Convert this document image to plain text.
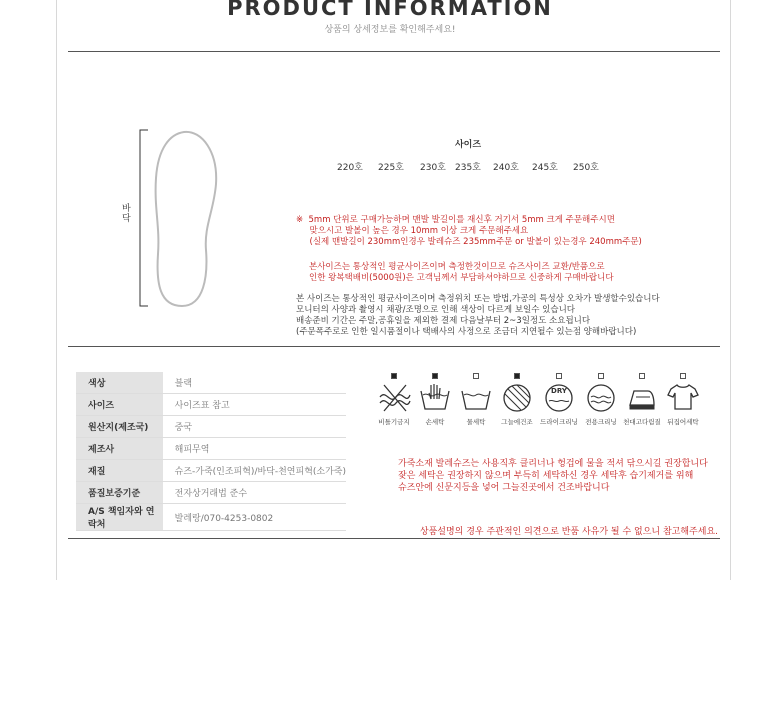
PRODUCT INFORMATION
상품의 상세정보를 확인해주세요!
바닥
사이즈
220호 225호 230호 235호 240호 245호 250호
※  5mm 단위로 구매가능하며 맨발 발길이를 재신후 거기서 5mm 크게 주문해주시면
맞으시고 발볼이 높은 경우 10mm 이상 크게 주문해주세요
(실제 맨발길이 230mm인경우 발레슈즈 235mm주문 or 발볼이 있는경우 240mm주문)
본사이즈는 통상적인 평균사이즈이며 측정한것이므로 슈즈사이즈 교환/반품으로
인한 왕복택배비(5000원)은 고객님께서 부담하셔야하므로 신중하게 구매바랍니다
본 사이즈는 통상적인 평균사이즈이며 측정위치 또는 방법,가공의 특성상 오차가 발생할수있습니다
모니터의 사양과 촬영시 채광/조명으로 인해 색상이 다르게 보일수 있습니다
배송준비 기간은 주말,공휴일을 제외한 결제 다음날부터 2~3일정도 소요됩니다
(주문폭주로로 인한 일시품절이나 택배사의 사정으로 조금더 지연될수 있는점 양해바랍니다)
색상	블랙
사이즈	사이즈표 참고
원산지(제조국)	중국
제조사	해피무역
재질	슈즈-가죽(인조피혁)/바닥-천연피혁(소가죽)
품질보증기준	전자상거래법 준수
A/S 책임자와 연락처	발레랑/070-4253-0802
비틀기금지	손세탁	물세탁	그늘에건조
DRY
드라이크리닝	전용크리닝 천대고다림질 뒤집어세탁
가죽소재 발레슈즈는 사용직후 클리너나 헝겁에 물을 적셔 닦으시길 권장합니다
잦은 세탁은 권장하지 않으며 부득히 세탁하신 경우 세탁후 습기제거를 위해
슈즈안에 신문지등을 넣어 그늘진곳에서 건조바랍니다
상품설명의 경우 주관적인 의견으로 반품 사유가 될 수 없으니 참고해주세요.
